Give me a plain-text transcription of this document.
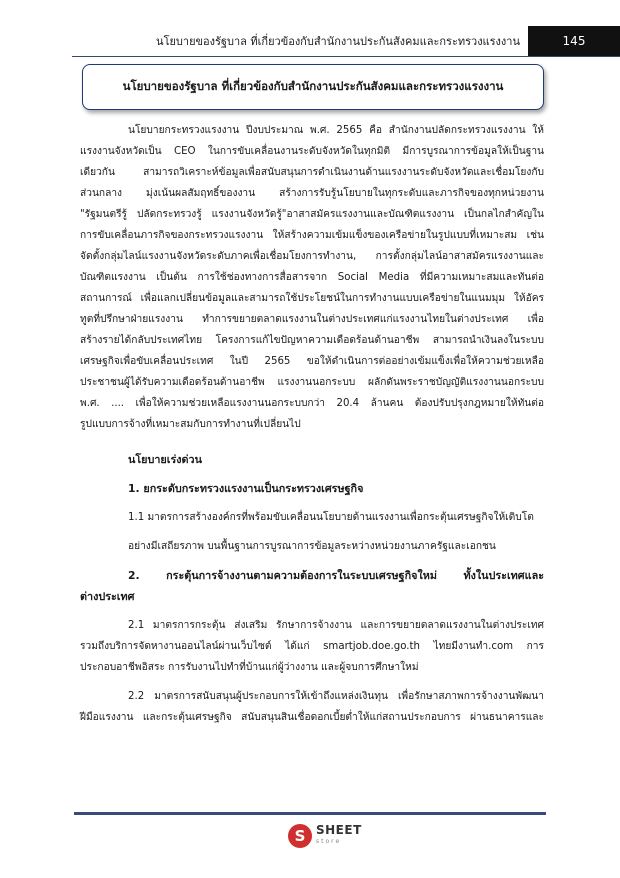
นโยบายของรัฐบาล ที่เกี่ยวข้องกับสำนักงานประกันสังคมและกระทรวงแรงงาน	145
นโยบายของรัฐบาล ที่เกี่ยวข้องกับสำนักงานประกันสังคมและกระทรวงแรงงาน

นโยบายกระทรวงแรงงาน ปีงบประมาณ พ.ศ. 2565 คือ สำนักงานปลัดกระทรวงแรงงาน ให้

แรงงานจังหวัดเป็น CEO ในการขับเคลื่อนงานระดับจังหวัดในทุกมิติ มีการบูรณาการข้อมูลให้เป็นฐาน

เดียวกัน สามารถวิเคราะห์ข้อมูลเพื่อสนับสนุนการดำเนินงานด้านแรงงานระดับจังหวัดและเชื่อมโยงกับ

ส่วนกลาง มุ่งเน้นผลสัมฤทธิ์ของงาน สร้างการรับรู้นโยบายในทุกระดับและภารกิจของทุกหน่วยงาน

"รัฐมนตรีรู้ ปลัดกระทรวงรู้ แรงงานจังหวัดรู้"อาสาสมัครแรงงานและบัณฑิตแรงงาน เป็นกลไกสำคัญใน

การขับเคลื่อนภารกิจของกระทรวงแรงงาน ให้สร้างความเข้มแข็งของเครือข่ายในรูปแบบที่เหมาะสม เช่น

จัดตั้งกลุ่มไลน์แรงงานจังหวัดระดับภาคเพื่อเชื่อมโยงการทำงาน, การตั้งกลุ่มไลน์อาสาสมัครแรงงานและ

บัณฑิตแรงงาน เป็นต้น การใช้ช่องทางการสื่อสารจาก Social Media ที่มีความเหมาะสมและทันต่อ

สถานการณ์ เพื่อแลกเปลี่ยนข้อมูลและสามารถใช้ประโยชน์ในการทำงานแบบเครือข่ายในแนมมุม ให้อัคร

ทูตที่ปรึกษาฝ่ายแรงงาน ทำการขยายตลาดแรงงานในต่างประเทศแก่แรงงานไทยในต่างประเทศ เพื่อ

สร้างรายได้กลับประเทศไทย โครงการแก้ไขปัญหาความเดือดร้อนด้านอาชีพ สามารถนำเงินลงในระบบ

เศรษฐกิจเพื่อขับเคลื่อนประเทศ ในปี 2565 ขอให้ดำเนินการต่ออย่างเข้มแข็งเพื่อให้ความช่วยเหลือ

ประชาชนผู้ได้รับความเดือดร้อนด้านอาชีพ แรงงานนอกระบบ ผลักดันพระราชบัญญัติแรงงานนอกระบบ

พ.ศ. .... เพื่อให้ความช่วยเหลือแรงงานนอกระบบกว่า 20.4 ล้านคน ต้องปรับปรุงกฎหมายให้ทันต่อ

รูปแบบการจ้างที่เหมาะสมกับการทำงานที่เปลี่ยนไป

นโยบายเร่งด่วน

1. ยกระดับกระทรวงแรงงานเป็นกระทรวงเศรษฐกิจ

1.1 มาตรการสร้างองค์กรที่พร้อมขับเคลื่อนนโยบายด้านแรงงานเพื่อกระตุ้นเศรษฐกิจให้เติบโต

อย่างมีเสถียรภาพ บนพื้นฐานการบูรณาการข้อมูลระหว่างหน่วยงานภาครัฐและเอกชน

2. กระตุ้นการจ้างงานตามความต้องการในระบบเศรษฐกิจใหม่ ทั้งในประเทศและ

ต่างประเทศ

2.1 มาตรการกระตุ้น ส่งเสริม รักษาการจ้างงาน และการขยายตลาดแรงงานในต่างประเทศ

รวมถึงบริการจัดหางานออนไลน์ผ่านเว็บไซต์ ได้แก่ smartjob.doe.go.th ไทยมีงานทำ.com การ

ประกอบอาชีพอิสระ การรับงานไปทำที่บ้านแก่ผู้ว่างงาน และผู้จบการศึกษาใหม่

2.2 มาตรการสนับสนุนผู้ประกอบการให้เข้าถึงแหล่งเงินทุน เพื่อรักษาสภาพการจ้างงานพัฒนา

ฝีมือแรงงาน และกระตุ้นเศรษฐกิจ สนับสนุนสินเชื่อดอกเบี้ยต่ำให้แก่สถานประกอบการ ผ่านธนาคารและ

S SHEET
store
